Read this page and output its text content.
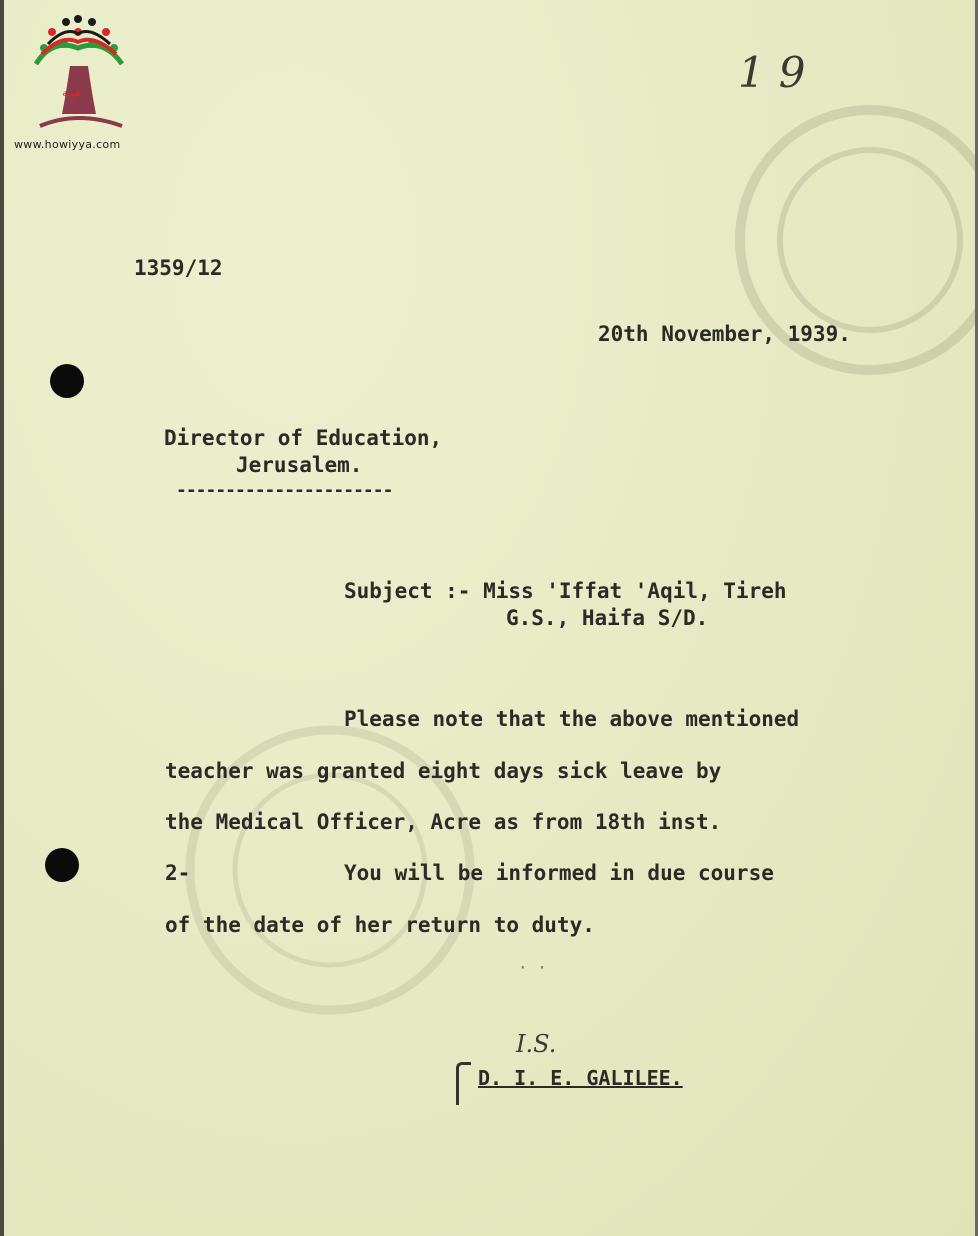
هوية
www.howiyya.com
19
1359/12
20th November, 1939.
Director of Education,
Jerusalem.
----------------------
Subject :- Miss 'Iffat 'Aqil, Tireh
G.S., Haifa S/D.
Please note that the above mentioned
teacher was granted eight days sick leave by
the Medical Officer, Acre as from 18th inst.
2-	You will be informed in due course
of the date of her return to duty.
· ·
I.S.
D. I. E. GALILEE.
